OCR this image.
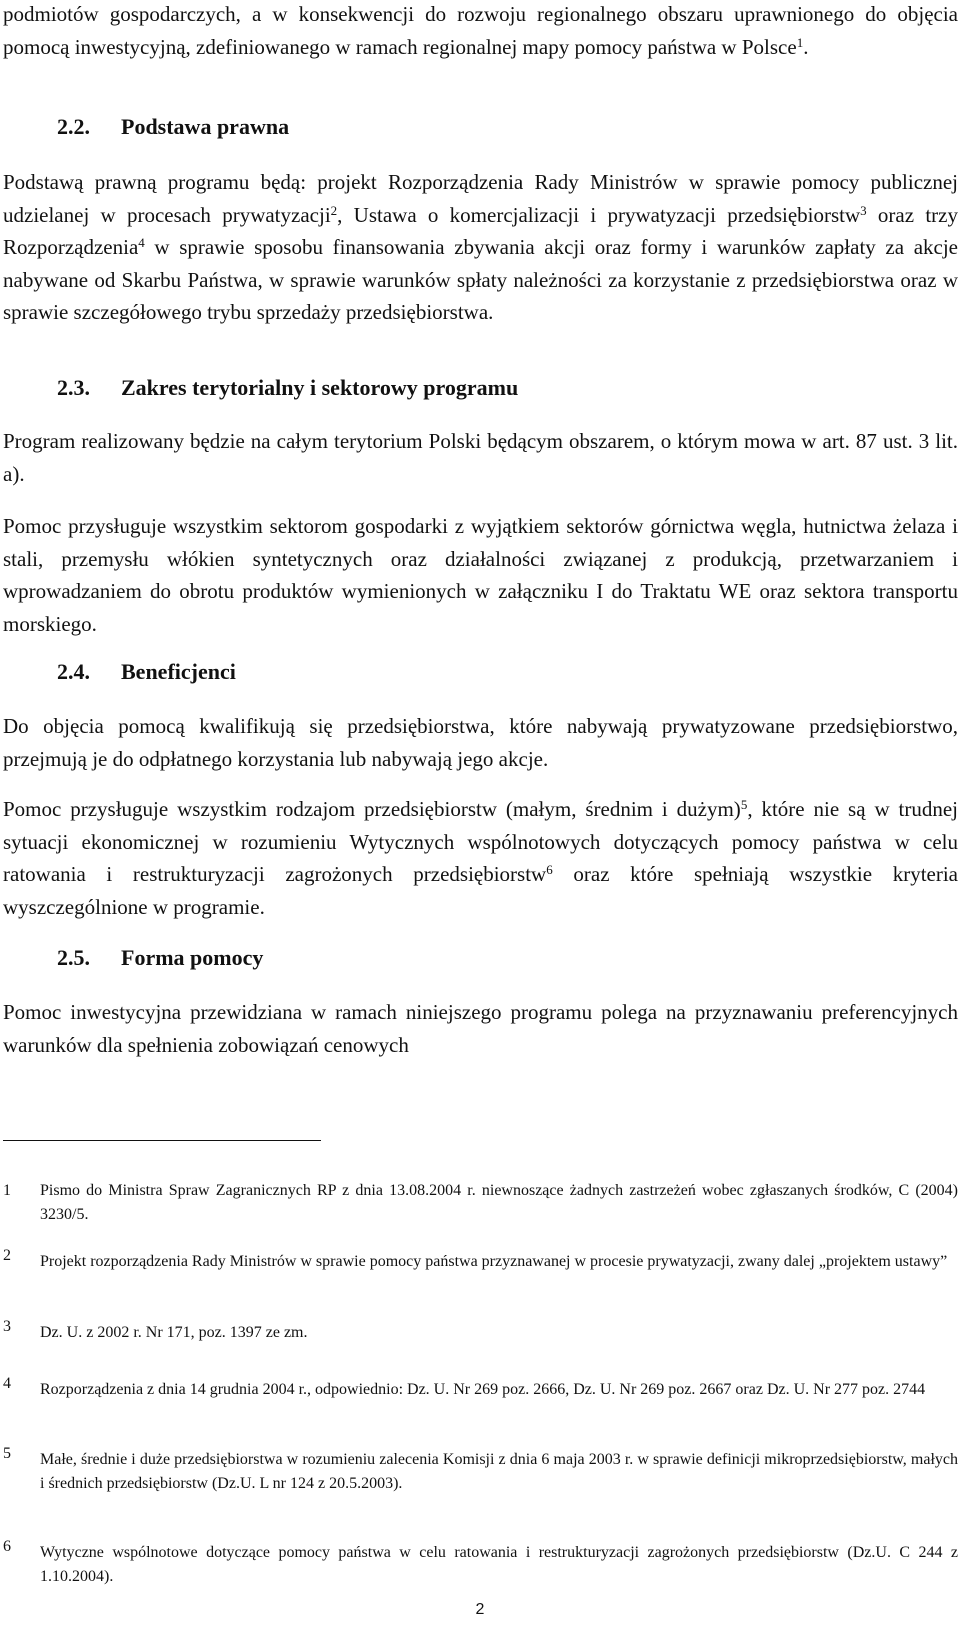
podmiotów gospodarczych, a w konsekwencji do rozwoju regionalnego obszaru uprawnionego do objęcia pomocą inwestycyjną, zdefiniowanego w ramach regionalnej mapy pomocy państwa w Polsce$^1$.

2.2. Podstawa prawna

Podstawą prawną programu będą: projekt Rozporządzenia Rady Ministrów w sprawie pomocy publicznej udzielanej w procesach prywatyzacji$^2$, Ustawa o komercjalizacji i prywatyzacji przedsiębiorstw$^3$ oraz trzy Rozporządzenia$^4$ w sprawie sposobu finansowania zbywania akcji oraz formy i warunków zapłaty za akcje nabywane od Skarbu Państwa, w sprawie warunków spłaty należności za korzystanie z przedsiębiorstwa oraz w sprawie szczegółowego trybu sprzedaży przedsiębiorstwa.

2.3. Zakres terytorialny i sektorowy programu

Program realizowany będzie na całym terytorium Polski będącym obszarem, o którym mowa w art. 87 ust. 3 lit. a).

Pomoc przysługuje wszystkim sektorom gospodarki z wyjątkiem sektorów górnictwa węgla, hutnictwa żelaza i stali, przemysłu włókien syntetycznych oraz działalności związanej z produkcją, przetwarzaniem i wprowadzaniem do obrotu produktów wymienionych w załączniku I do Traktatu WE oraz sektora transportu morskiego.

2.4. Beneficjenci

Do objęcia pomocą kwalifikują się przedsiębiorstwa, które nabywają prywatyzowane przedsiębiorstwo, przejmują je do odpłatnego korzystania lub nabywają jego akcje.

Pomoc przysługuje wszystkim rodzajom przedsiębiorstw (małym, średnim i dużym)$^5$, które nie są w trudnej sytuacji ekonomicznej w rozumieniu Wytycznych wspólnotowych dotyczących pomocy państwa w celu ratowania i restrukturyzacji zagrożonych przedsiębiorstw$^6$ oraz które spełniają wszystkie kryteria wyszczególnione w programie.

2.5. Forma pomocy

Pomoc inwestycyjna przewidziana w ramach niniejszego programu polega na przyznawaniu preferencyjnych warunków dla spełnienia zobowiązań cenowych

1	Pismo do Ministra Spraw Zagranicznych RP z dnia 13.08.2004 r. niewnoszące żadnych zastrzeżeń wobec zgłaszanych środków, C (2004) 3230/5.
2	Projekt rozporządzenia Rady Ministrów w sprawie pomocy państwa przyznawanej w procesie prywatyzacji, zwany dalej „projektem ustawy”
3	Dz. U. z 2002 r. Nr 171, poz. 1397 ze zm.
4	Rozporządzenia z dnia 14 grudnia 2004 r., odpowiednio: Dz. U. Nr 269 poz. 2666, Dz. U. Nr 269 poz. 2667 oraz Dz. U. Nr 277 poz. 2744
5	Małe, średnie i duże przedsiębiorstwa w rozumieniu zalecenia Komisji z dnia 6 maja 2003 r. w sprawie definicji mikroprzedsiębiorstw, małych i średnich przedsiębiorstw (Dz.U. L nr 124 z 20.5.2003).
6	Wytyczne wspólnotowe dotyczące pomocy państwa w celu ratowania i restrukturyzacji zagrożonych przedsiębiorstw (Dz.U. C 244 z 1.10.2004).
2
